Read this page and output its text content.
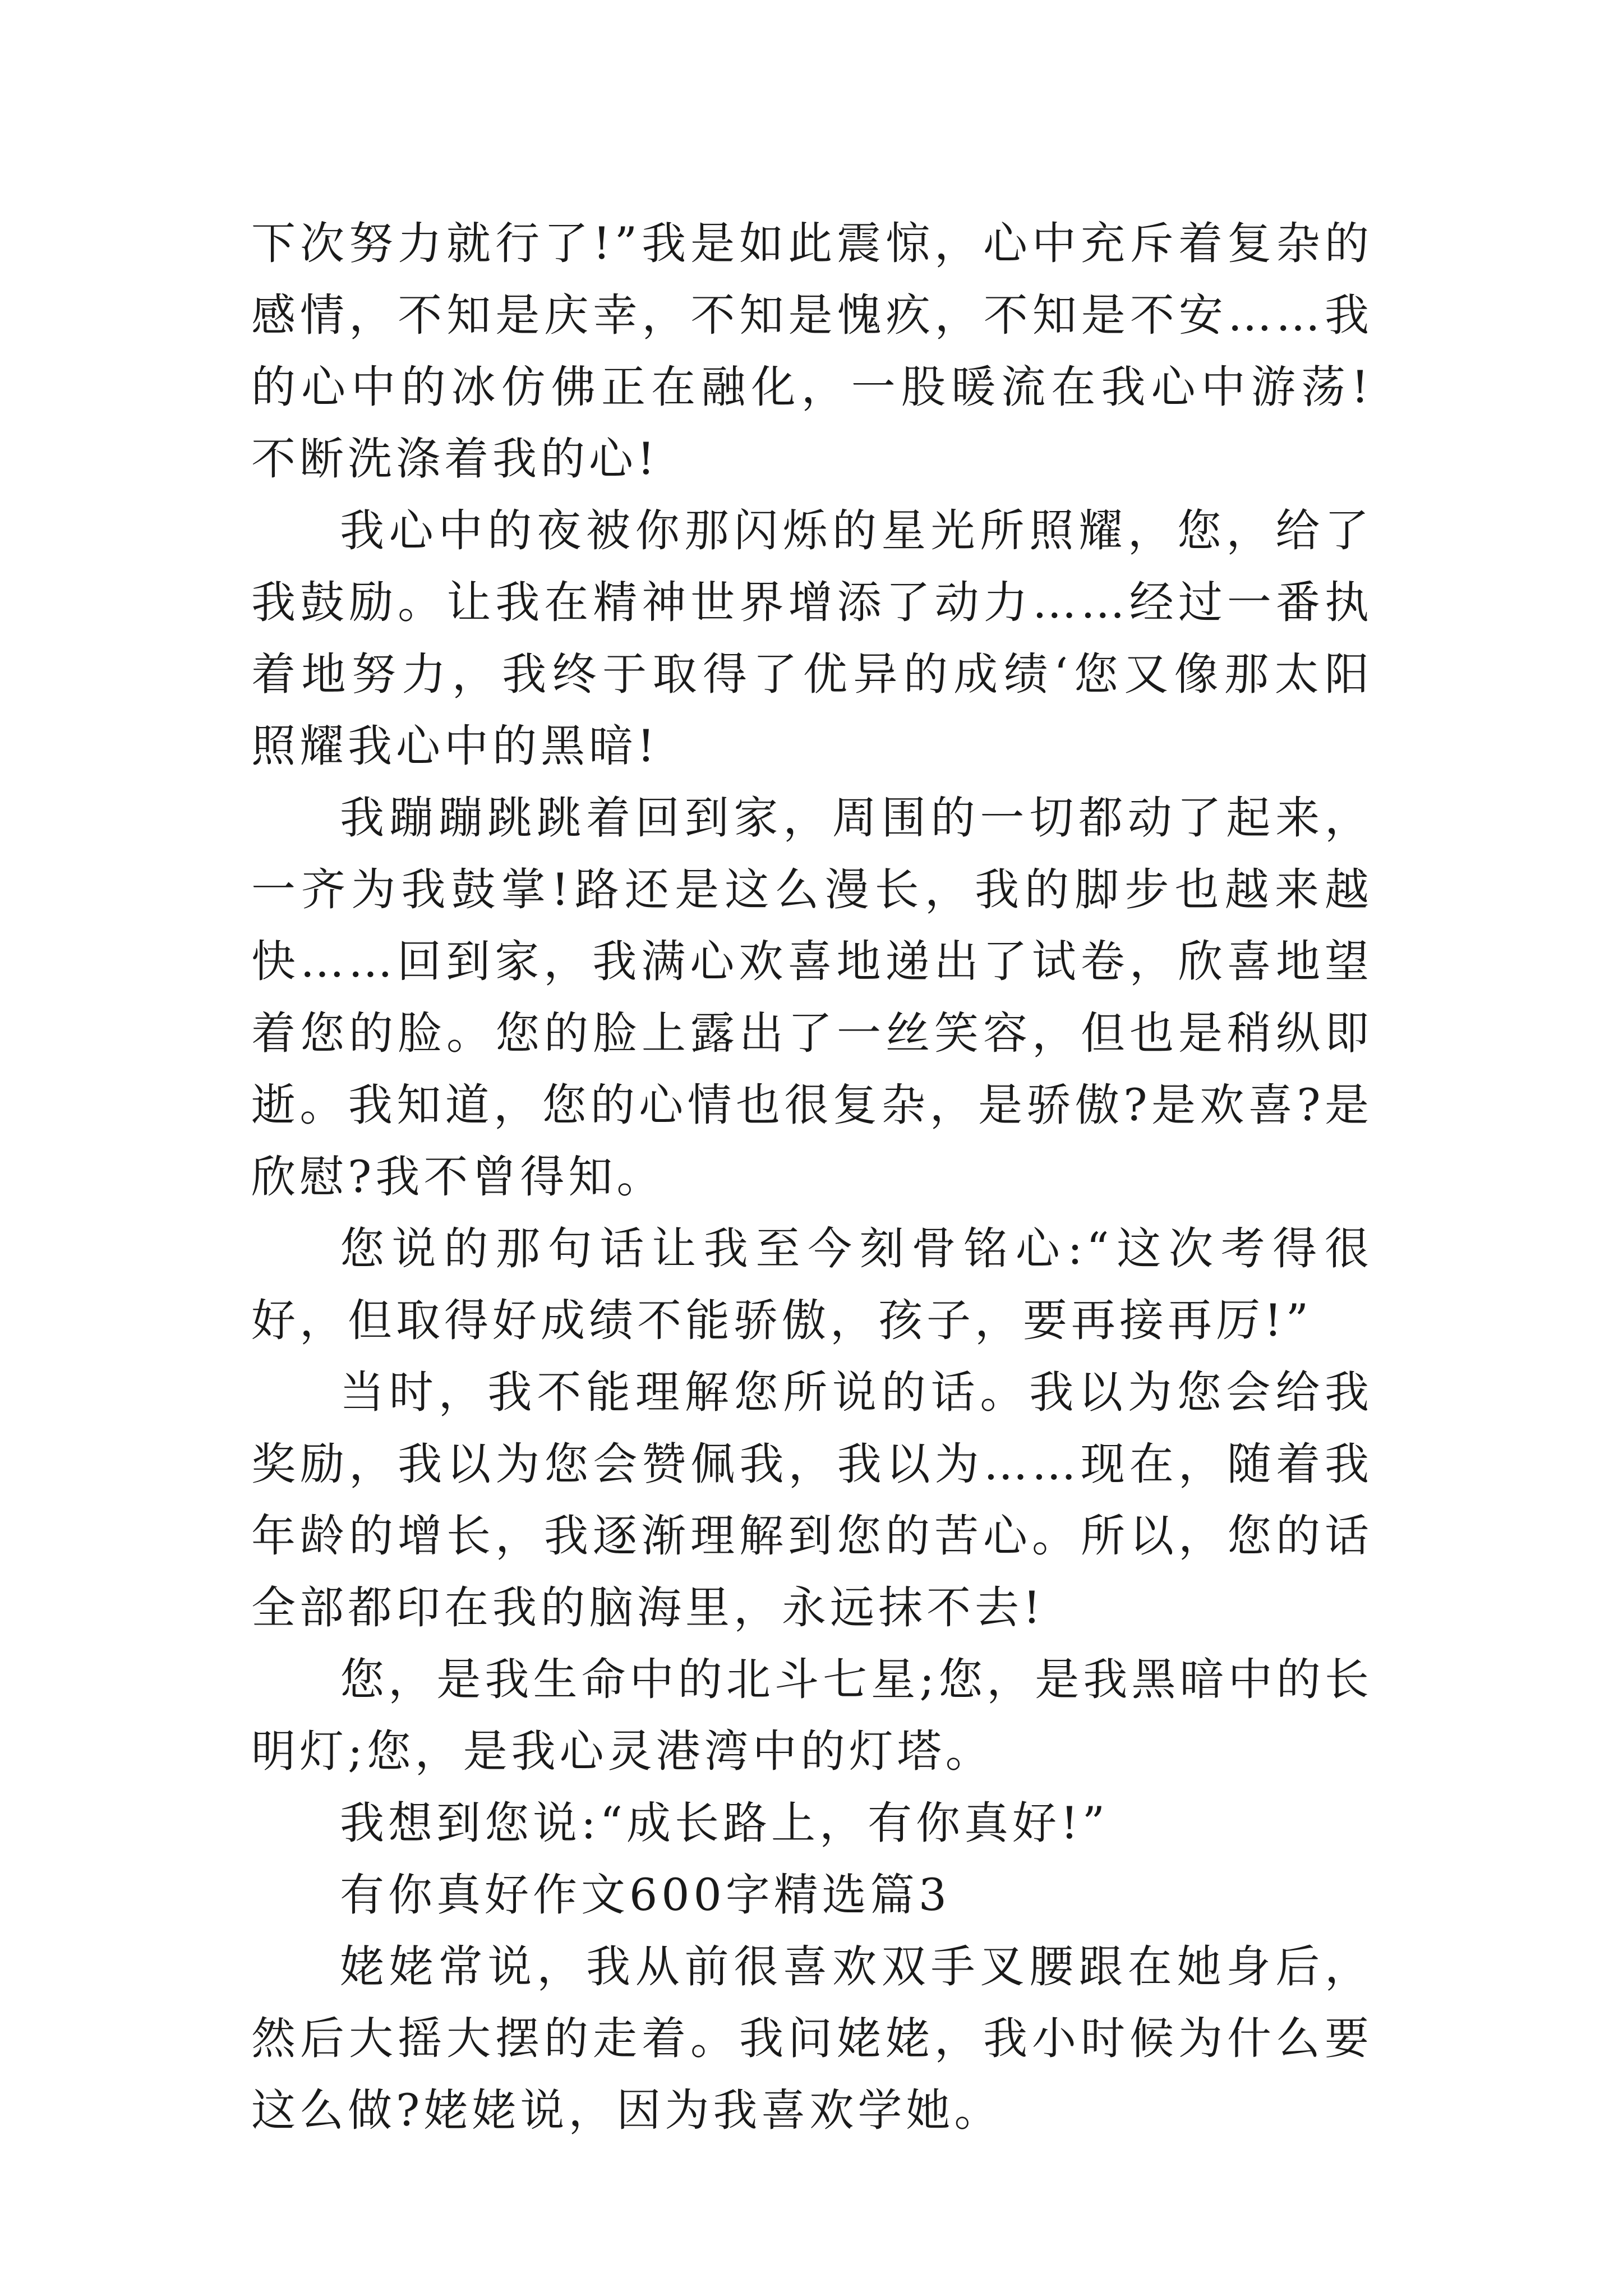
下次努力就行了!”我是如此震惊，心中充斥着复杂的感情，不知是庆幸，不知是愧疚，不知是不安……我的心中的冰仿佛正在融化，一股暖流在我心中游荡!不断洗涤着我的心!

我心中的夜被你那闪烁的星光所照耀，您，给了我鼓励。让我在精神世界增添了动力……经过一番执着地努力，我终于取得了优异的成绩‘您又像那太阳照耀我心中的黑暗!

我蹦蹦跳跳着回到家，周围的一切都动了起来，一齐为我鼓掌!路还是这么漫长，我的脚步也越来越快……回到家，我满心欢喜地递出了试卷，欣喜地望着您的脸。您的脸上露出了一丝笑容，但也是稍纵即逝。我知道，您的心情也很复杂，是骄傲?是欢喜?是欣慰?我不曾得知。

您说的那句话让我至今刻骨铭心:“这次考得很好，但取得好成绩不能骄傲，孩子，要再接再厉!”

当时，我不能理解您所说的话。我以为您会给我奖励，我以为您会赞佩我，我以为……现在，随着我年龄的增长，我逐渐理解到您的苦心。所以，您的话全部都印在我的脑海里，永远抹不去!

您，是我生命中的北斗七星;您，是我黑暗中的长明灯;您，是我心灵港湾中的灯塔。

我想到您说:“成长路上，有你真好!”

有你真好作文600字精选篇3

姥姥常说，我从前很喜欢双手叉腰跟在她身后，然后大摇大摆的走着。我问姥姥，我小时候为什么要这么做?姥姥说，因为我喜欢学她。
